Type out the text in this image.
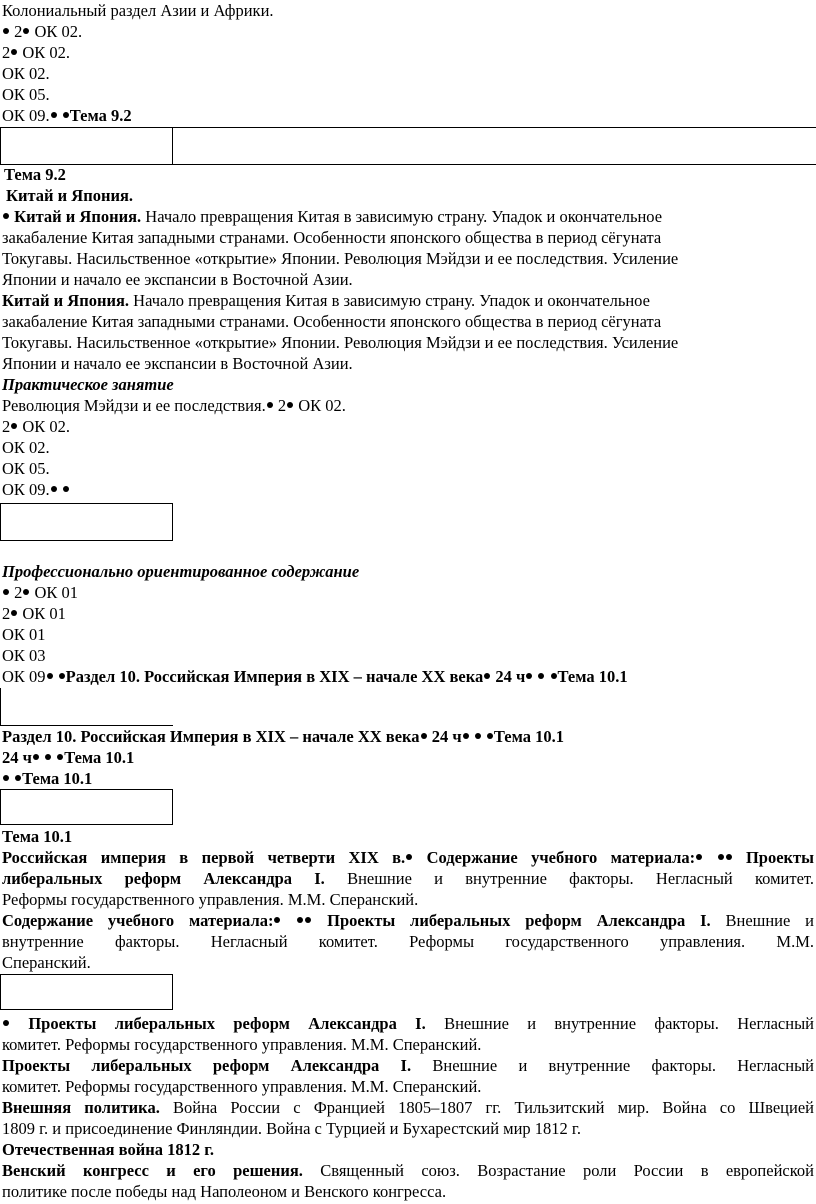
Колониальный раздел Азии и Африки.
2 ОК 02.
2 ОК 02.
ОК 02.
ОК 05.
ОК 09. Тема 9.2
Тема 9.2
Китай и Япония.
Китай и Япония. Начало превращения Китая в зависимую страну. Упадок и окончательное
закабаление Китая западными странами. Особенности японского общества в период сёгуната
Токугавы. Насильственное «открытие» Японии. Революция Мэйдзи и ее последствия. Усиление
Японии и начало ее экспансии в Восточной Азии.
Китай и Япония. Начало превращения Китая в зависимую страну. Упадок и окончательное
закабаление Китая западными странами. Особенности японского общества в период сёгуната
Токугавы. Насильственное «открытие» Японии. Революция Мэйдзи и ее последствия. Усиление
Японии и начало ее экспансии в Восточной Азии.
Практическое занятие
Революция Мэйдзи и ее последствия. 2 ОК 02.
2 ОК 02.
ОК 02.
ОК 05.
ОК 09.
Профессионально ориентированное содержание
2 ОК 01
2 ОК 01
ОК 01
ОК 03
ОК 09 Раздел 10. Российская Империя в XIX – начале XX века 24 ч Тема 10.1
Раздел 10. Российская Империя в XIX – начале XX века 24 ч Тема 10.1
24 ч Тема 10.1
Тема 10.1
Тема 10.1
Российская империя в первой четверти XIX в. Содержание учебного материала:	Проекты
либеральных реформ Александра I. Внешние и внутренние факторы. Негласный комитет.
Реформы государственного управления. М.М. Сперанский.
Содержание учебного материала:	Проекты либеральных реформ Александра I. Внешние и
внутренние факторы. Негласный комитет. Реформы государственного управления. М.М.
Сперанский.
Проекты либеральных реформ Александра I. Внешние и внутренние факторы. Негласный
комитет. Реформы государственного управления. М.М. Сперанский.
Проекты либеральных реформ Александра I. Внешние и внутренние факторы. Негласный
комитет. Реформы государственного управления. М.М. Сперанский.
Внешняя политика. Война России с Францией 1805–1807 гг. Тильзитский мир. Война со Швецией
1809 г. и присоединение Финляндии. Война с Турцией и Бухарестский мир 1812 г.
Отечественная война 1812 г.
Венский конгресс и его решения. Священный союз. Возрастание роли России в европейской
политике после победы над Наполеоном и Венского конгресса.
